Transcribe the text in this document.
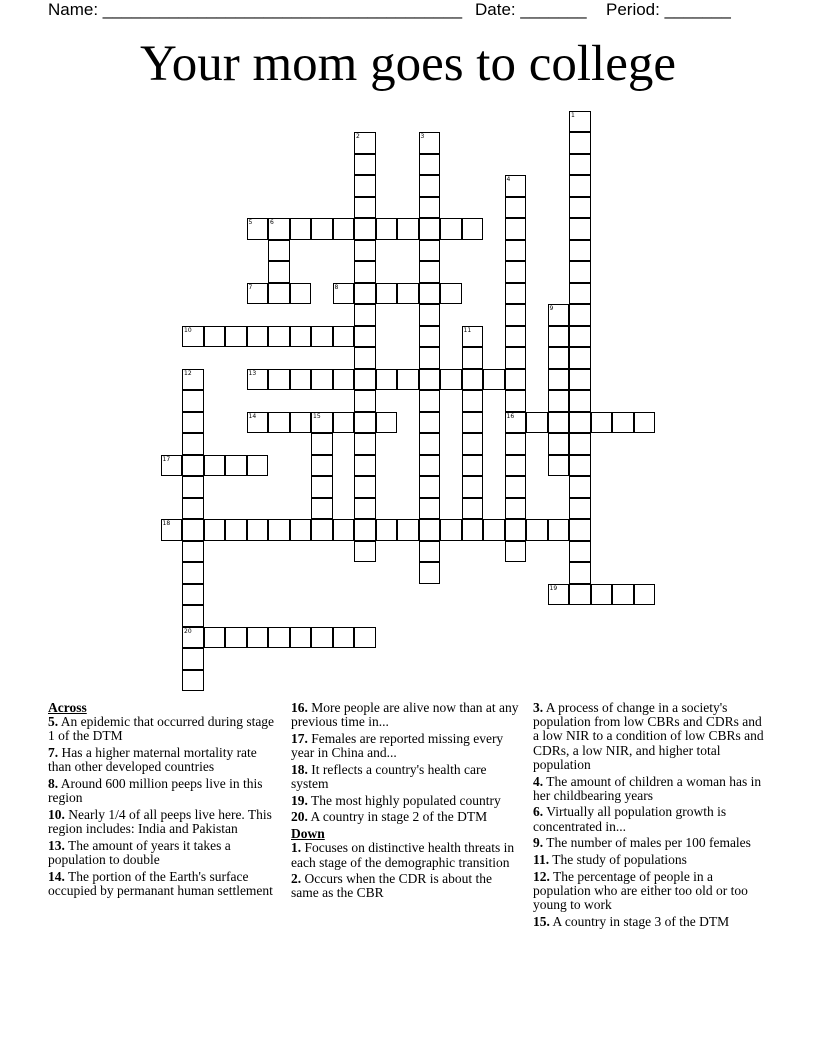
Name: ______________________________________ Date: _______ Period: _______
Your mom goes to college
1
2	3
4
16
5	6
7	8
9
10	11
12
20
13
14	15
17
18
19
Across
5. An epidemic that occurred during stage 1 of the DTM
7. Has a higher maternal mortality rate than other developed countries
8. Around 600 million peeps live in this region
10. Nearly 1/4 of all peeps live here. This region includes: India and Pakistan
13. The amount of years it takes a population to double
14. The portion of the Earth's surface occupied by permanant human settlement
16. More people are alive now than at any previous time in...
17. Females are reported missing every year in China and...
18. It reflects a country's health care system
19. The most highly populated country
20. A country in stage 2 of the DTM
Down
1. Focuses on distinctive health threats in each stage of the demographic transition
2. Occurs when the CDR is about the same as the CBR
3. A process of change in a society's population from low CBRs and CDRs and a low NIR to a condition of low CBRs and CDRs, a low NIR, and higher total population
4. The amount of children a woman has in her childbearing years
6. Virtually all population growth is concentrated in...
9. The number of males per 100 females
11. The study of populations
12. The percentage of people in a population who are either too old or too young to work
15. A country in stage 3 of the DTM
